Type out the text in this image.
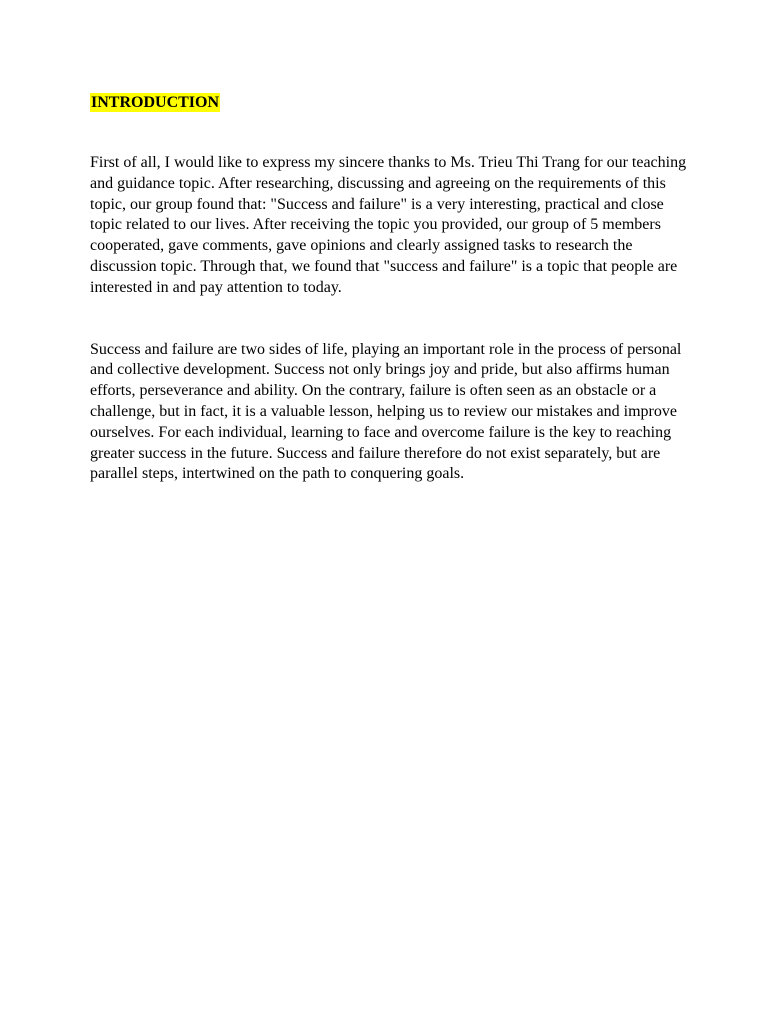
INTRODUCTION

First of all, I would like to express my sincere thanks to Ms. Trieu Thi Trang for our teaching and guidance topic. After researching, discussing and agreeing on the requirements of this topic, our group found that: "Success and failure" is a very interesting, practical and close topic related to our lives. After receiving the topic you provided, our group of 5 members cooperated, gave comments, gave opinions and clearly assigned tasks to research the discussion topic. Through that, we found that "success and failure" is a topic that people are interested in and pay attention to today.

Success and failure are two sides of life, playing an important role in the process of personal and collective development. Success not only brings joy and pride, but also affirms human efforts, perseverance and ability. On the contrary, failure is often seen as an obstacle or a challenge, but in fact, it is a valuable lesson, helping us to review our mistakes and improve ourselves. For each individual, learning to face and overcome failure is the key to reaching greater success in the future. Success and failure therefore do not exist separately, but are parallel steps, intertwined on the path to conquering goals.
